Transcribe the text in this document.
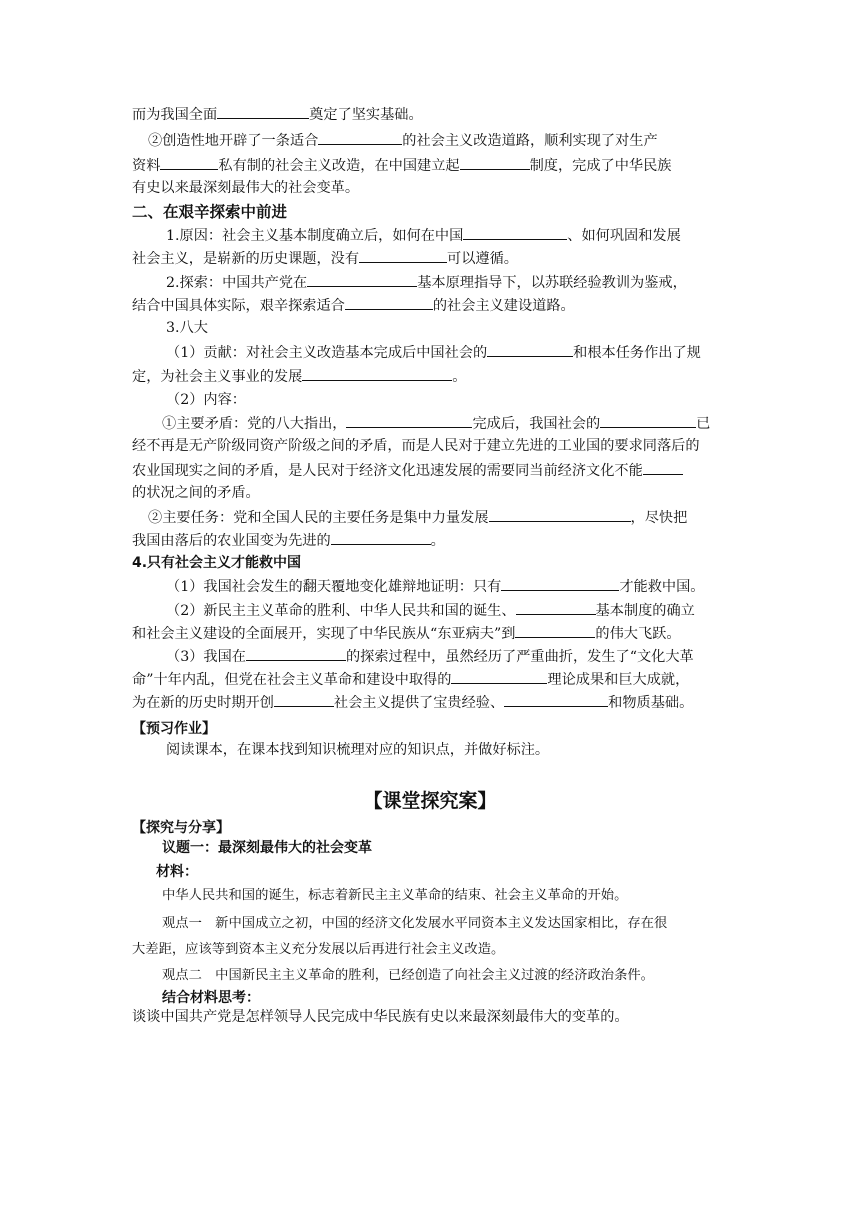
而为我国全面	奠定了坚实基础。
②创造性地开辟了一条适合	的社会主义改造道路，顺利实现了对生产
资料	私有制的社会主义改造，在中国建立起	制度，完成了中华民族
有史以来最深刻最伟大的社会变革。
二、在艰辛探索中前进
1.原因：社会主义基本制度确立后，如何在中国	、如何巩固和发展
社会主义，是崭新的历史课题，没有	可以遵循。
2.探索：中国共产党在	基本原理指导下，以苏联经验教训为鉴戒，
结合中国具体实际，艰辛探索适合	的社会主义建设道路。
3.八大
（1）贡献：对社会主义改造基本完成后中国社会的	和根本任务作出了规
定，为社会主义事业的发展	。
（2）内容：
①主要矛盾：党的八大指出，	完成后，我国社会的	已
经不再是无产阶级同资产阶级之间的矛盾，而是人民对于建立先进的工业国的要求同落后的
农业国现实之间的矛盾，是人民对于经济文化迅速发展的需要同当前经济文化不能
的状况之间的矛盾。
②主要任务：党和全国人民的主要任务是集中力量发展	，尽快把
我国由落后的农业国变为先进的	。
4.只有社会主义才能救中国
（1）我国社会发生的翻天覆地变化雄辩地证明：只有	才能救中国。
（2）新民主主义革命的胜利、中华人民共和国的诞生、	基本制度的确立
和社会主义建设的全面展开，实现了中华民族从“东亚病夫”到	的伟大飞跃。
（3）我国在	的探索过程中，虽然经历了严重曲折，发生了“文化大革
命”十年内乱，但党在社会主义革命和建设中取得的	理论成果和巨大成就，
为在新的历史时期开创	社会主义提供了宝贵经验、	和物质基础。
【预习作业】
阅读课本，在课本找到知识梳理对应的知识点，并做好标注。
【课堂探究案】
【探究与分享】
议题一：最深刻最伟大的社会变革
材料：
中华人民共和国的诞生，标志着新民主主义革命的结束、社会主义革命的开始。
观点一　新中国成立之初，中国的经济文化发展水平同资本主义发达国家相比，存在很
大差距，应该等到资本主义充分发展以后再进行社会主义改造。
观点二　中国新民主主义革命的胜利，已经创造了向社会主义过渡的经济政治条件。
结合材料思考：
谈谈中国共产党是怎样领导人民完成中华民族有史以来最深刻最伟大的变革的。
